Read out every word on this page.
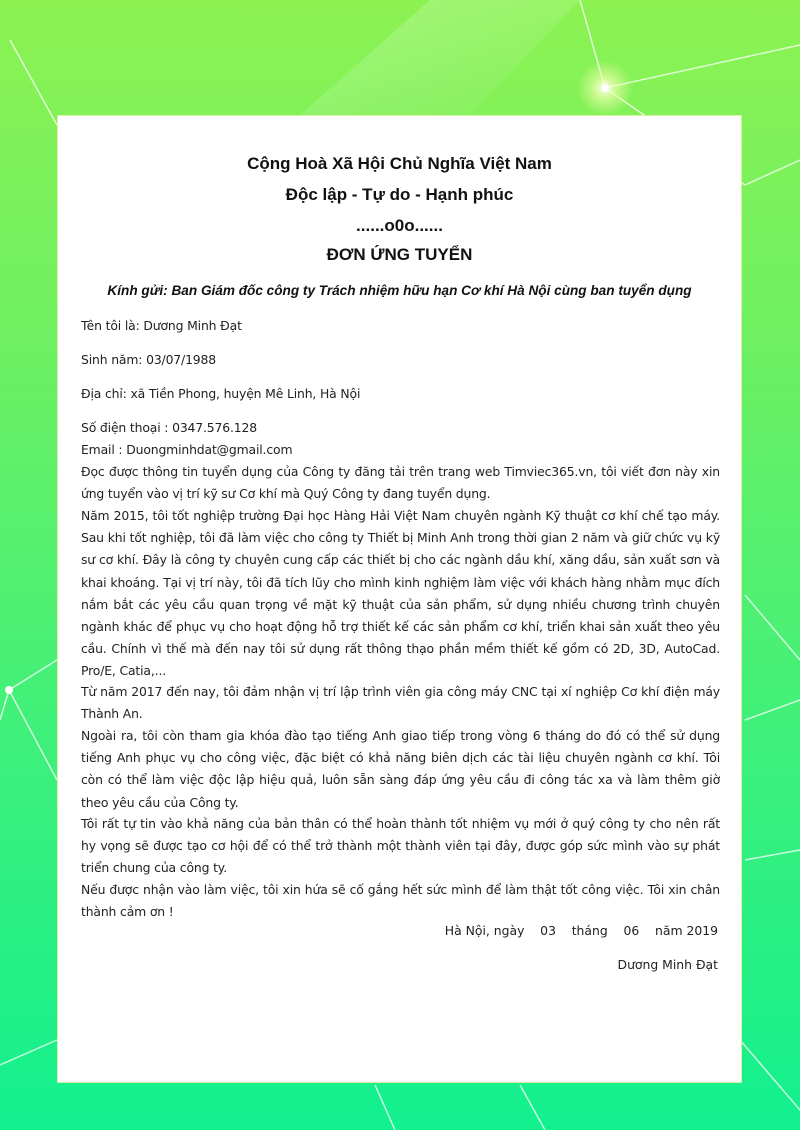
Cộng Hoà Xã Hội Chủ Nghĩa Việt Nam
Độc lập - Tự do - Hạnh phúc
......o0o......
ĐƠN ỨNG TUYỂN
Kính gửi: Ban Giám đốc công ty Trách nhiệm hữu hạn Cơ khí Hà Nội cùng ban tuyển dụng
Tên tôi là: Dương Minh Đạt
Sinh năm: 03/07/1988
Địa chỉ: xã Tiền Phong, huyện Mê Linh, Hà Nội
Số điện thoại : 0347.576.128
Email : Duongminhdat@gmail.com
Đọc được thông tin tuyển dụng của Công ty đăng tải trên trang web Timviec365.vn, tôi viết đơn này xin ứng tuyển vào vị trí kỹ sư Cơ khí mà Quý Công ty đang tuyển dụng.
Năm 2015, tôi tốt nghiệp trường Đại học Hàng Hải Việt Nam chuyên ngành Kỹ thuật cơ khí chế tạo máy. Sau khi tốt nghiệp, tôi đã làm việc cho công ty Thiết bị Minh Anh trong thời gian 2 năm và giữ chức vụ kỹ sư cơ khí. Đây là công ty chuyên cung cấp các thiết bị cho các ngành dầu khí, xăng dầu, sản xuất sơn và khai khoáng. Tại vị trí này, tôi đã tích lũy cho mình kinh nghiệm làm việc với khách hàng nhằm mục đích nắm bắt các yêu cầu quan trọng về mặt kỹ thuật của sản phẩm, sử dụng nhiều chương trình chuyên ngành khác để phục vụ cho hoạt động hỗ trợ thiết kế các sản phẩm cơ khí, triển khai sản xuất theo yêu cầu. Chính vì thế mà đến nay tôi sử dụng rất thông thạo phần mềm thiết kế gồm có 2D, 3D, AutoCad. Pro/E, Catia,...
Từ năm 2017 đến nay, tôi đảm nhận vị trí lập trình viên gia công máy CNC tại xí nghiệp Cơ khí điện máy Thành An.
Ngoài ra, tôi còn tham gia khóa đào tạo tiếng Anh giao tiếp trong vòng 6 tháng do đó có thể sử dụng tiếng Anh phục vụ cho công việc, đặc biệt có khả năng biên dịch các tài liệu chuyên ngành cơ khí. Tôi còn có thể làm việc độc lập hiệu quả, luôn sẵn sàng đáp ứng yêu cầu đi công tác xa và làm thêm giờ theo yêu cầu của Công ty.
Tôi rất tự tin vào khả năng của bản thân có thể hoàn thành tốt nhiệm vụ mới ở quý công ty cho nên rất hy vọng sẽ được tạo cơ hội để có thể trở thành một thành viên tại đây, được góp sức mình vào sự phát triển chung của công ty.
Nếu được nhận vào làm việc, tôi xin hứa sẽ cố gắng hết sức mình để làm thật tốt công việc. Tôi xin chân thành cảm ơn !
Hà Nội, ngày    03    tháng    06    năm 2019
Dương Minh Đạt
